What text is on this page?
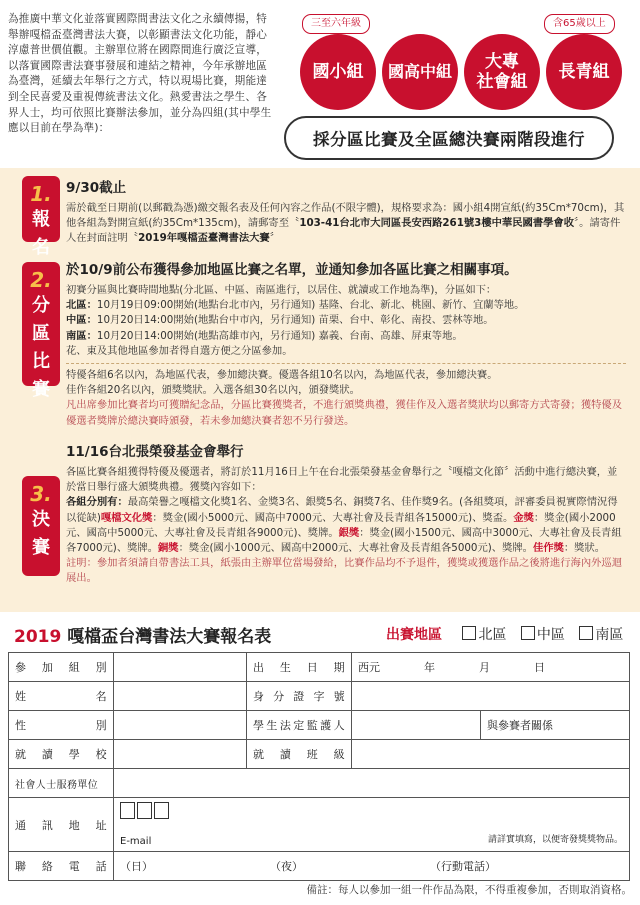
為推廣中華文化並落實國際間書法文化之永續傳揚，特舉辦嘎檔盃臺灣書法大賽，以彰顯書法文化功能，靜心淳慮普世價值觀。主辦單位將在國際間進行廣泛宣導，以落實國際書法賽事發展和連結之精神，今年承辦地區為臺灣，延續去年舉行之方式，特以現場比賽，期能達到全民喜愛及重視傳統書法文化。熱愛書法之學生、各界人士，均可依照比賽辦法參加，並分為四組(其中學生應以目前在學為準)：
三至六年級	含65歲以上
國小組	國高中組	大專
社會組	長青組
採分區比賽及全區總決賽兩階段進行
1.
報
名
9/30截止
需於截至日期前(以郵戳為憑)繳交報名表及任何內容之作品(不限字體)，規格要求為：國小組4開宣紙(約35Cm*70cm)，其他各組為對開宣紙(約35Cm*135cm)，請郵寄至〝103-41台北市大同區長安西路261號3樓中華民國書學會收〞。請寄件人在封面註明〝2019年嘎檔盃臺灣書法大賽〞
2.
分
區
比
賽
於10/9前公布獲得參加地區比賽之名單，並通知參加各區比賽之相關事項。
初賽分區與比賽時間地點(分北區、中區、南區進行，以居住、就讀或工作地為準)，分區如下：
北區：10月19日09:00開始(地點台北市內，另行通知) 基隆、台北、新北、桃園、新竹、宜蘭等地。
中區：10月20日14:00開始(地點台中市內，另行通知) 苗栗、台中、彰化、南投、雲林等地。
南區：10月20日14:00開始(地點高雄市內，另行通知) 嘉義、台南、高雄、屏東等地。
花、東及其他地區參加者得自選方便之分區參加。
特優各組6名以內，為地區代表，參加總決賽。優選各組10名以內，為地區代表，參加總決賽。
佳作各組20名以內，頒獎獎狀。入選各組30名以內，頒發獎狀。
凡出席參加比賽者均可獲贈紀念品，分區比賽獲獎者，不進行頒獎典禮，獲佳作及入選者獎狀均以郵寄方式寄發；獲特優及優選者獎牌於總決賽時頒發，若未參加總決賽者恕不另行發送。
3.
決
賽
11/16台北張榮發基金會舉行
各區比賽各組獲得特優及優選者，將訂於11月16日上午在台北張榮發基金會舉行之〝嘎檔文化節〞活動中進行總決賽，並於當日舉行盛大頒獎典禮。獲獎內容如下：
各組分別有：最高榮譽之嘎檔文化獎1名、金獎3名、銀獎5名、銅獎7名、佳作獎9名。(各組獎項，評審委員視實際情況得以從缺)嘎檔文化獎：獎金(國小5000元、國高中7000元、大專社會及長青組各15000元)、獎盃。金獎：獎金(國小2000元、國高中5000元、大專社會及長青組各9000元)、獎牌。銀獎：獎金(國小1500元、國高中3000元、大專社會及長青組各7000元)、獎牌。銅獎：獎金(國小1000元、國高中2000元、大專社會及長青組各5000元)、獎牌。佳作獎：獎狀。
註明：參加者須請自帶書法工具，紙張由主辦單位當場發給，比賽作品均不予退件，獲獎或獲選作品之後將進行海內外巡迴展出。
2019 嘎檔盃台灣書法大賽報名表	出賽地區	北區 中區 南區
參加組別		出生日期	西元　　　　年　　　　月　　　　日	

姓名		身分證字號		

性別		學生法定監護人		與參賽者關係

就讀學校		就讀班級		

社會人士服務單位				

通訊地址	E-mail 請詳實填寫，以便寄發獎獎物品。			

聯絡電話	（日） （夜） （行動電話）			
備註：每人以參加一組一件作品為限，不得重複參加，否則取消資格。
